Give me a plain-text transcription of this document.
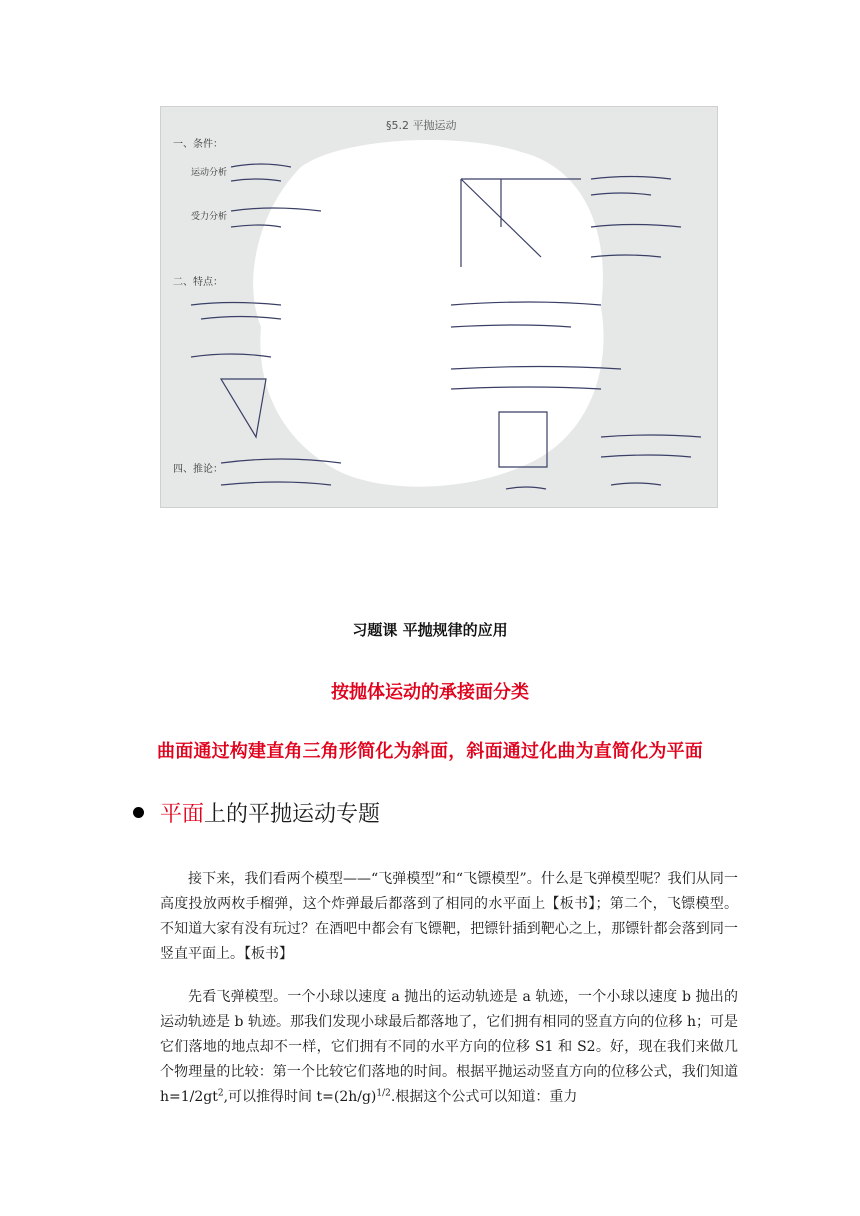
§5.2 平抛运动
一、条件：
运动分析
受力分析
二、特点：
四、推论：
习题课 平抛规律的应用
按抛体运动的承接面分类
曲面通过构建直角三角形简化为斜面，斜面通过化曲为直简化为平面
平面 上的平抛运动专题

接下来，我们看两个模型——“飞弹模型”和“飞镖模型”。什么是飞弹模型呢？我们从同一高度投放两枚手榴弹，这个炸弹最后都落到了相同的水平面上【板书】；第二个，飞镖模型。不知道大家有没有玩过？在酒吧中都会有飞镖靶，把镖针插到靶心之上，那镖针都会落到同一竖直平面上。【板书】

先看飞弹模型。一个小球以速度 a 抛出的运动轨迹是 a 轨迹，一个小球以速度 b 抛出的运动轨迹是 b 轨迹。那我们发现小球最后都落地了，它们拥有相同的竖直方向的位移 h；可是它们落地的地点却不一样，它们拥有不同的水平方向的位移 S1 和 S2。好，现在我们来做几个物理量的比较：第一个比较它们落地的时间。根据平抛运动竖直方向的位移公式，我们知道 $h=1/2gt^2$,可以推得时间 $t=(2h/g)^{1/2}$.根据这个公式可以知道：重力
